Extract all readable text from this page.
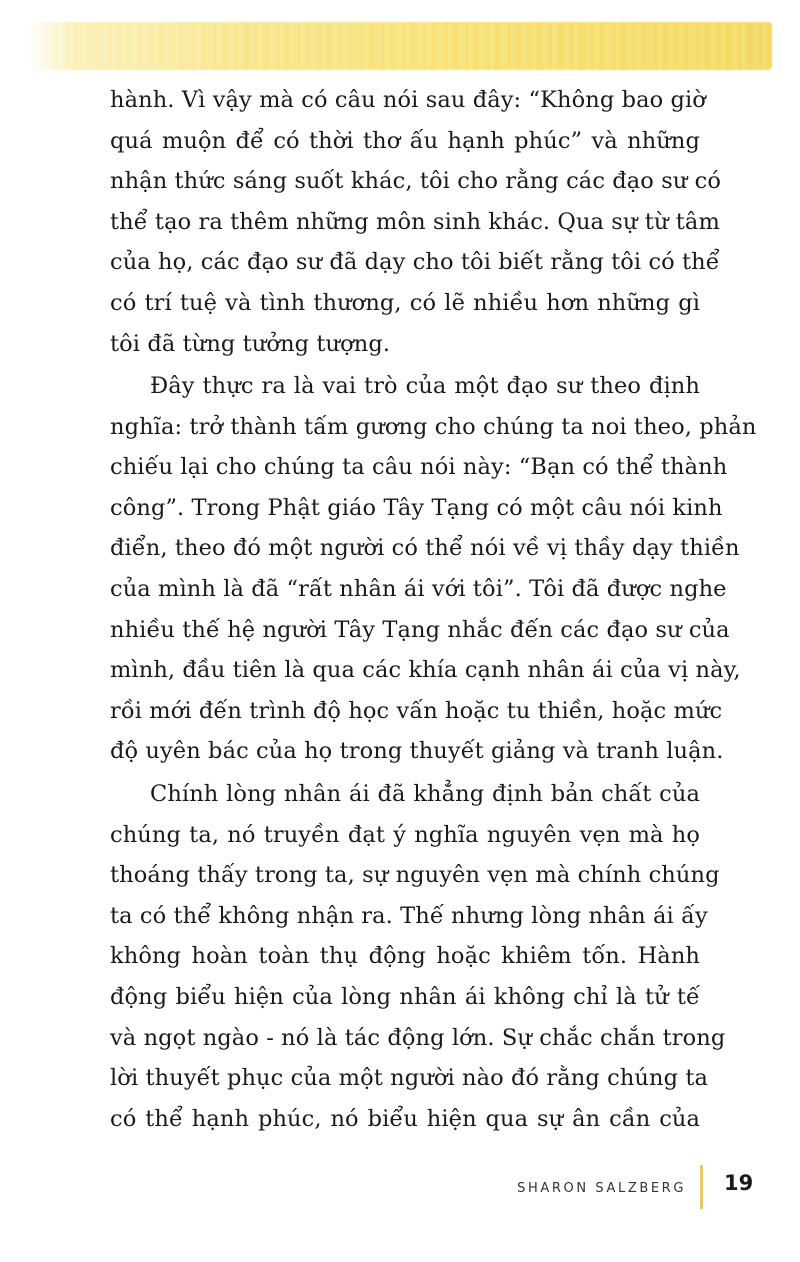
hành. Vì vậy mà có câu nói sau đây: “Không bao giờ
quá muộn để có thời thơ ấu hạnh phúc” và những
nhận thức sáng suốt khác, tôi cho rằng các đạo sư có
thể tạo ra thêm những môn sinh khác. Qua sự từ tâm
của họ, các đạo sư đã dạy cho tôi biết rằng tôi có thể
có trí tuệ và tình thương, có lẽ nhiều hơn những gì
tôi đã từng tưởng tượng.
Đây thực ra là vai trò của một đạo sư theo định
nghĩa: trở thành tấm gương cho chúng ta noi theo, phản
chiếu lại cho chúng ta câu nói này: “Bạn có thể thành
công”. Trong Phật giáo Tây Tạng có một câu nói kinh
điển, theo đó một người có thể nói về vị thầy dạy thiền
của mình là đã “rất nhân ái với tôi”. Tôi đã được nghe
nhiều thế hệ người Tây Tạng nhắc đến các đạo sư của
mình, đầu tiên là qua các khía cạnh nhân ái của vị này,
rồi mới đến trình độ học vấn hoặc tu thiền, hoặc mức
độ uyên bác của họ trong thuyết giảng và tranh luận.
Chính lòng nhân ái đã khẳng định bản chất của
chúng ta, nó truyền đạt ý nghĩa nguyên vẹn mà họ
thoáng thấy trong ta, sự nguyên vẹn mà chính chúng
ta có thể không nhận ra. Thế nhưng lòng nhân ái ấy
không hoàn toàn thụ động hoặc khiêm tốn. Hành
động biểu hiện của lòng nhân ái không chỉ là tử tế
và ngọt ngào - nó là tác động lớn. Sự chắc chắn trong
lời thuyết phục của một người nào đó rằng chúng ta
có thể hạnh phúc, nó biểu hiện qua sự ân cần của
SHARON SALZBERG 19
